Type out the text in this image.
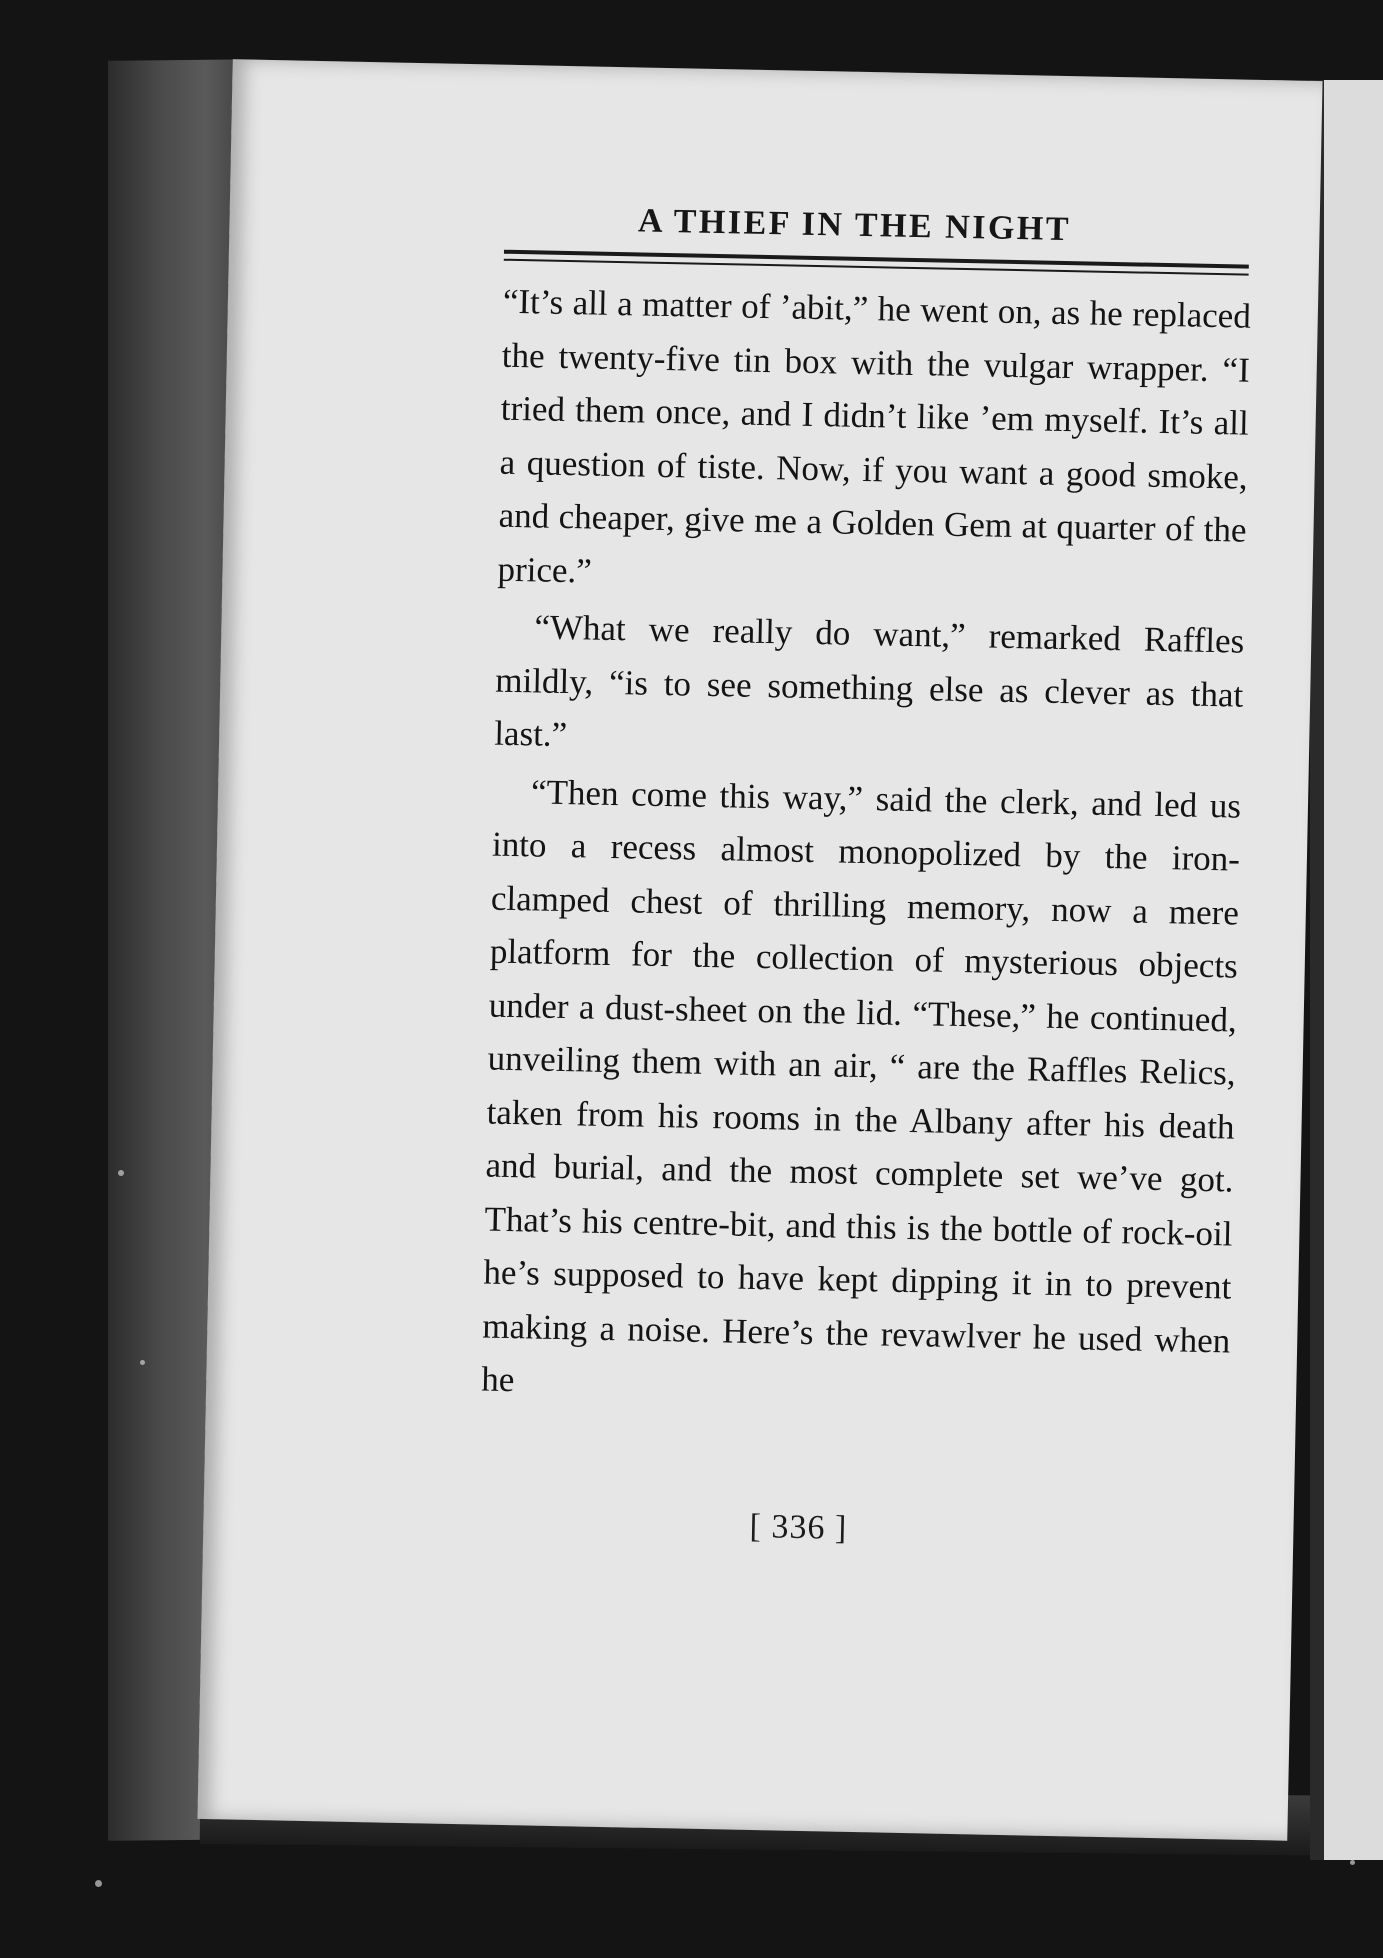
A THIEF IN THE NIGHT

“It’s all a matter of ’abit,” he went on, as he replaced the twenty-five tin box with the vulgar wrapper. “I tried them once, and I didn’t like ’em myself. It’s all a question of tiste. Now, if you want a good smoke, and cheaper, give me a Golden Gem at quarter of the price.”

“What we really do want,” remarked Raffles mildly, “is to see something else as clever as that last.”

“Then come this way,” said the clerk, and led us into a recess almost monopolized by the iron-clamped chest of thrilling memory, now a mere platform for the collection of mysterious objects under a dust-sheet on the lid. “These,” he continued, unveiling them with an air, “ are the Raffles Relics, taken from his rooms in the Albany after his death and burial, and the most complete set we’ve got. That’s his centre-bit, and this is the bottle of rock-oil he’s supposed to have kept dipping it in to prevent making a noise. Here’s the revawlver he used when he

[ 336 ]
